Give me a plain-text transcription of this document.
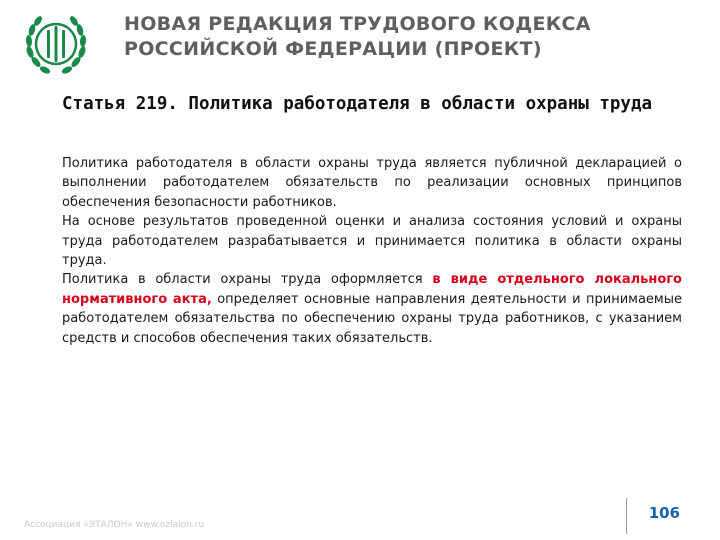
НОВАЯ РЕДАКЦИЯ ТРУДОВОГО КОДЕКСА
РОССИЙСКОЙ ФЕДЕРАЦИИ (ПРОЕКТ)
Статья 219. Политика работодателя в области охраны труда

Политика работодателя в области охраны труда является публичной декларацией о выполнении работодателем обязательств по реализации основных принципов обеспечения безопасности работников.

На основе результатов проведенной оценки и анализа состояния условий и охраны труда работодателем разрабатывается и принимается политика в области охраны труда.

Политика в области охраны труда оформляется в виде отдельного локального нормативного акта, определяет основные направления деятельности и принимаемые работодателем обязательства по обеспечению охраны труда работников, с указанием средств и способов обеспечения таких обязательств.

Ассоциация «ЭТАЛОН» www.ozlalon.ru
106
